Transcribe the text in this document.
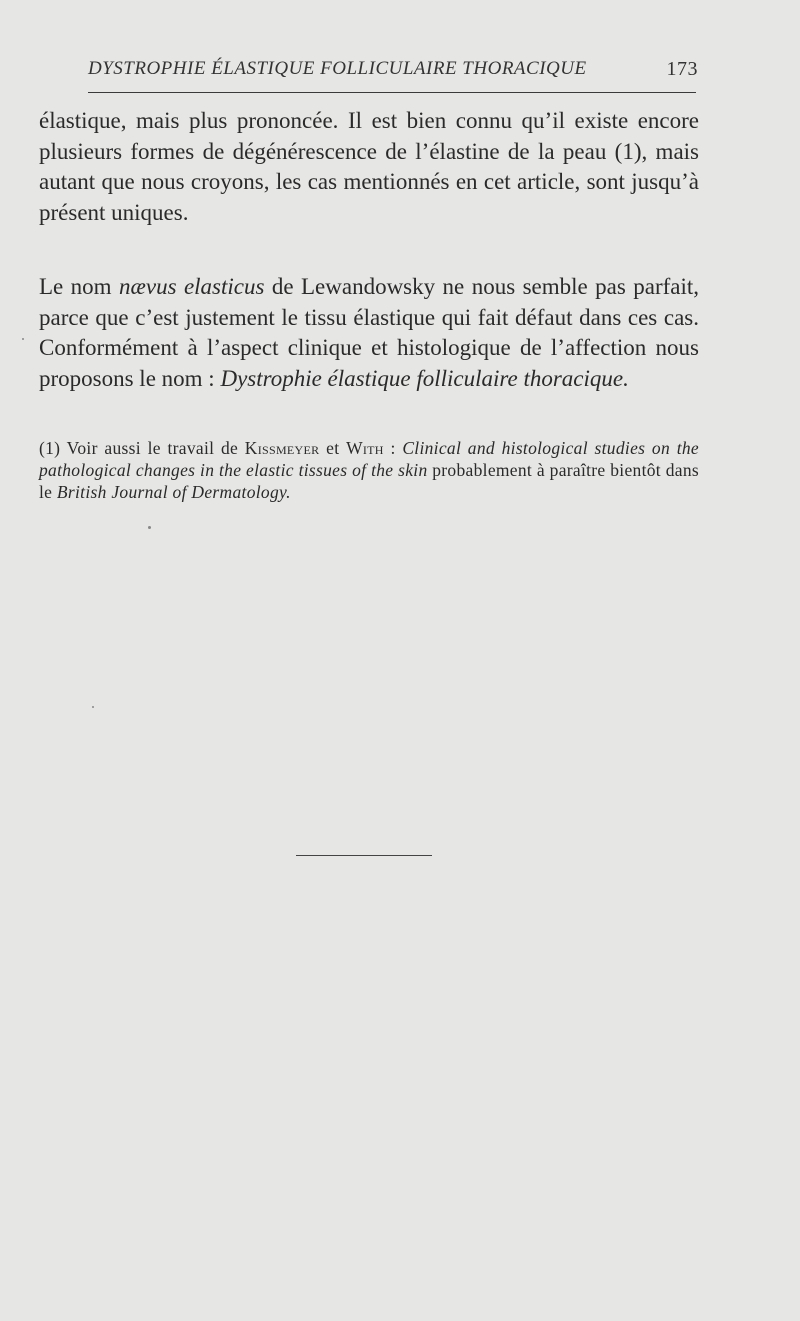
DYSTROPHIE ÉLASTIQUE FOLLICULAIRE THORACIQUE	173

élastique, mais plus prononcée. Il est bien connu qu’il existe encore plusieurs formes de dégénérescence de l’élastine de la peau (1), mais autant que nous croyons, les cas mentionnés en cet article, sont jusqu’à présent uniques.

Le nom nævus elasticus de Lewandowsky ne nous semble pas parfait, parce que c’est justement le tissu élastique qui fait défaut dans ces cas. Conformément à l’aspect clinique et histologique de l’affection nous proposons le nom : Dystrophie élastique folliculaire thoracique.

(1) Voir aussi le travail de Kissmeyer et With : Clinical and histological studies on the pathological changes in the elastic tissues of the skin probablement à paraître bientôt dans le British Journal of Dermatology.
